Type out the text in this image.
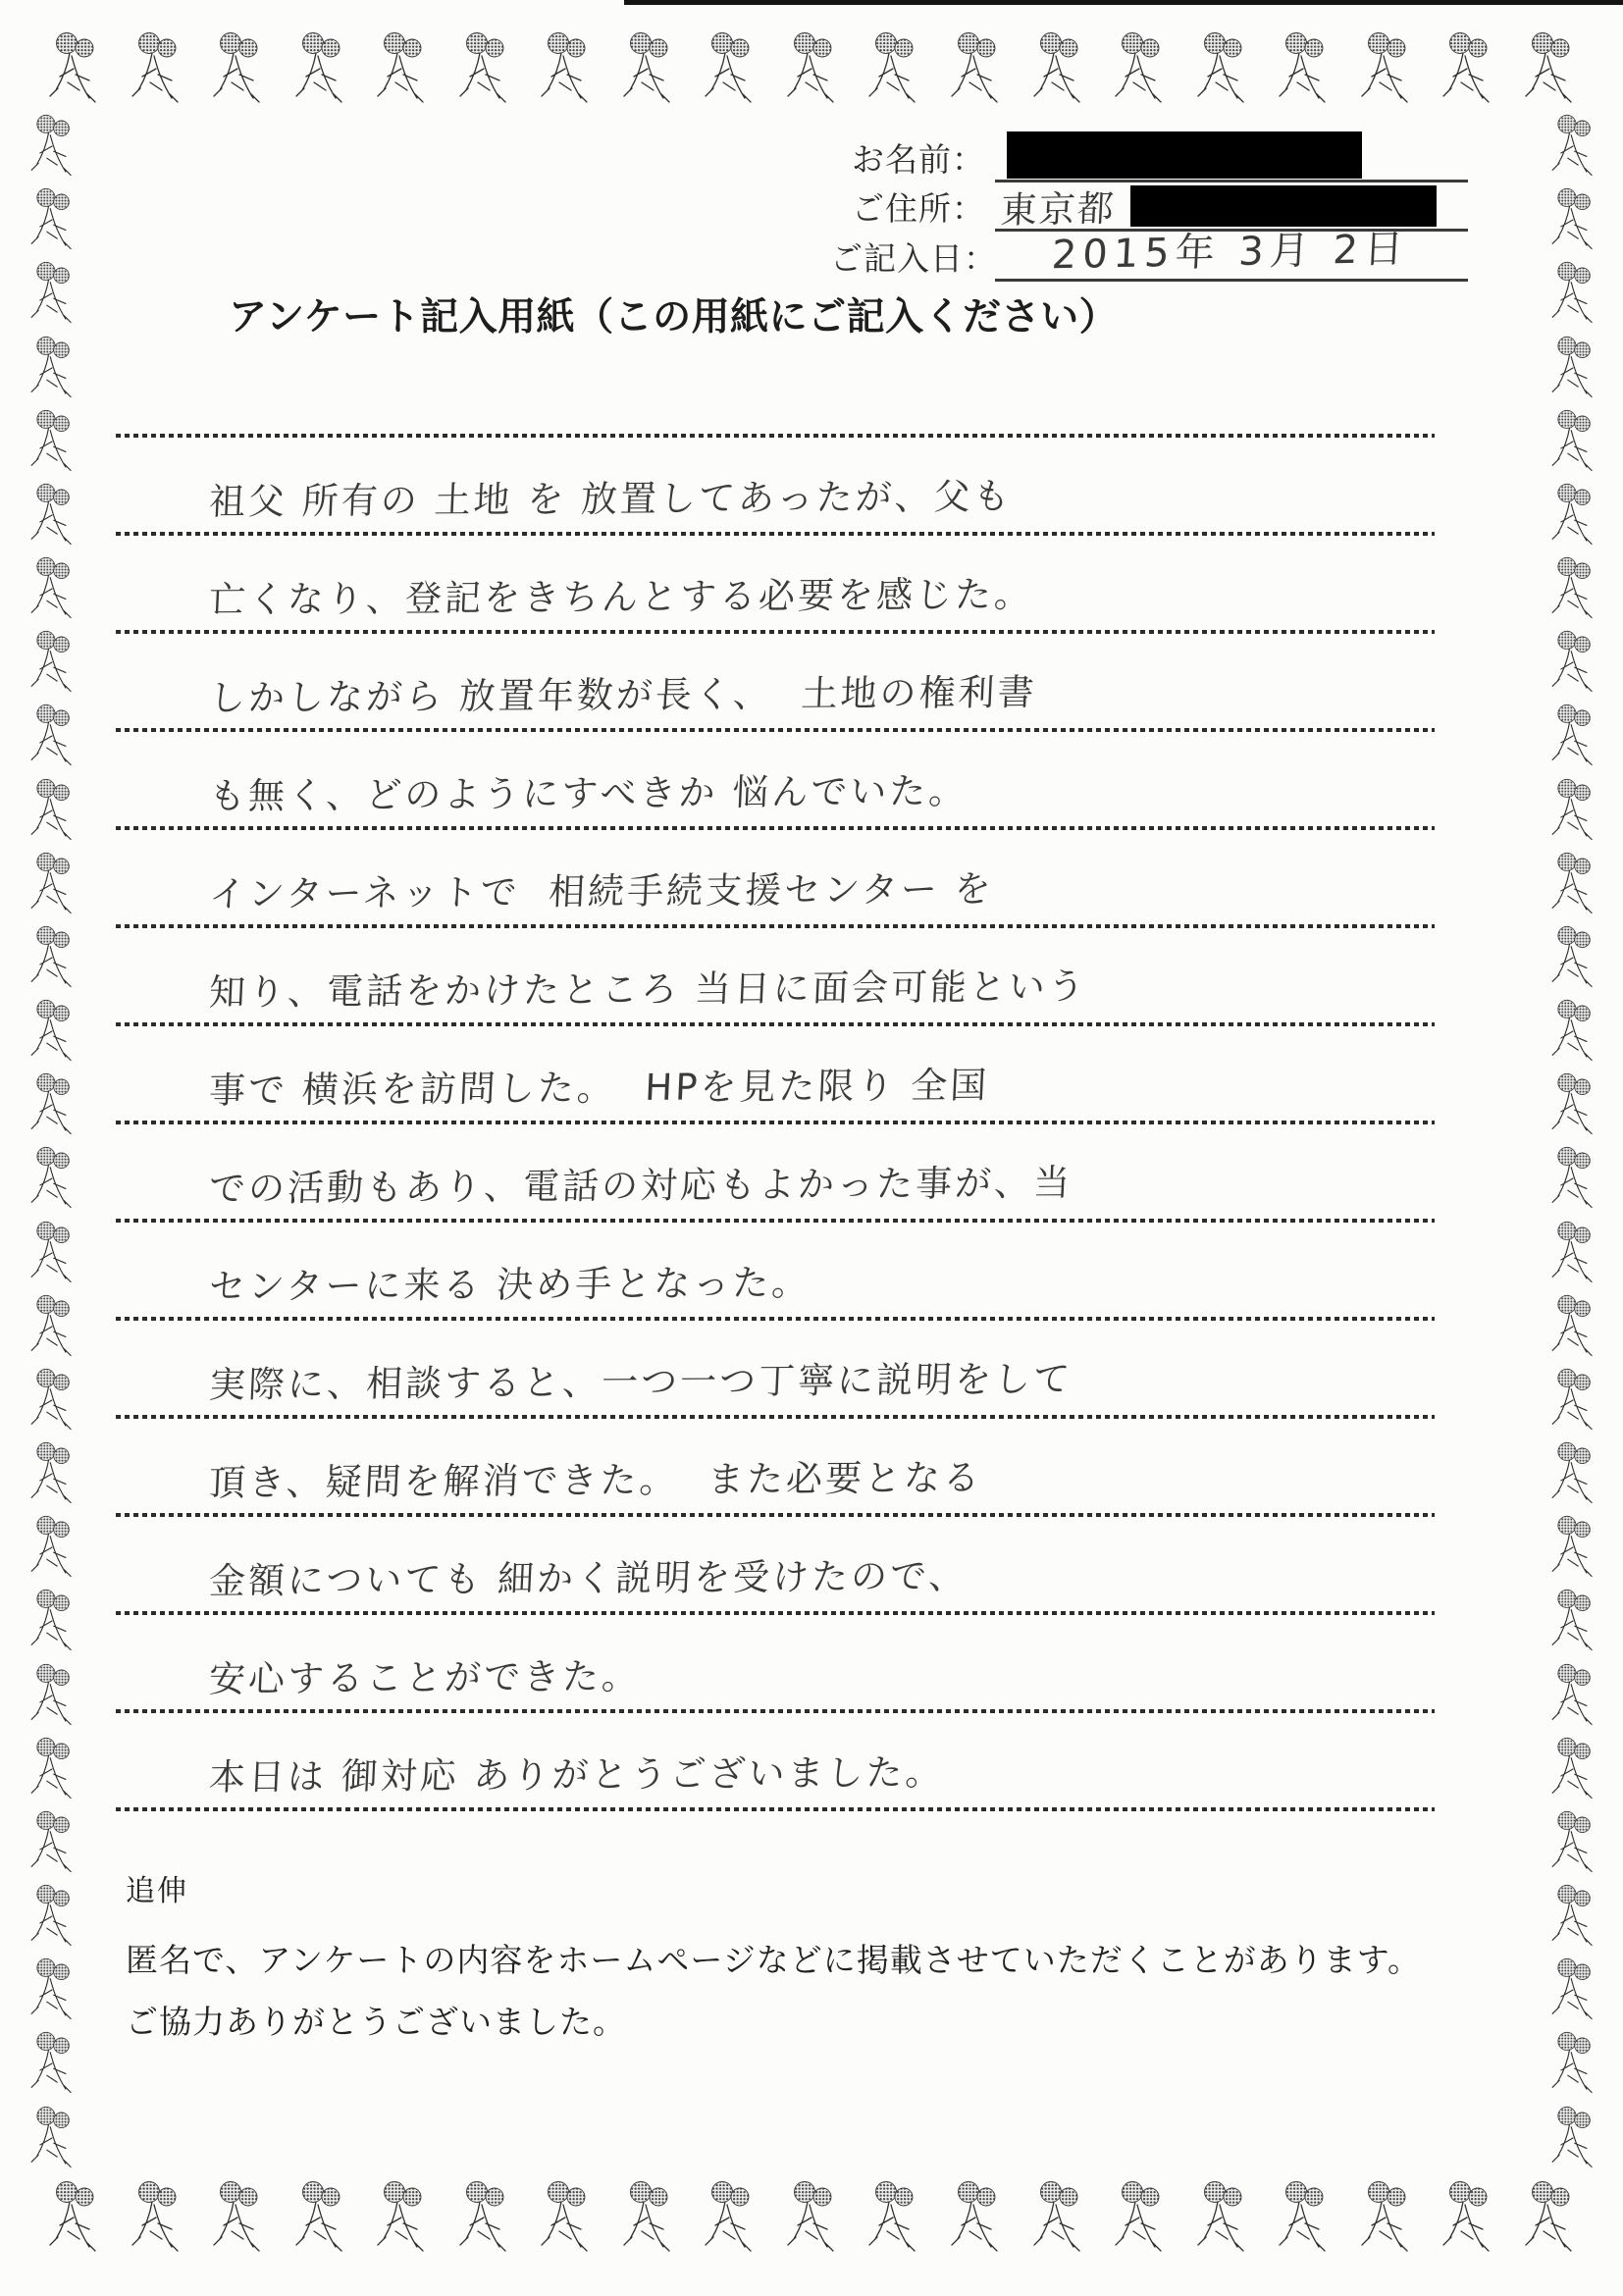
お名前：
ご住所： 東京都
ご記入日： 2015年 3月 2日
アンケート記入用紙（この用紙にご記入ください）
祖父 所有の 土地 を 放置してあったが、父も
亡くなり、登記をきちんとする必要を感じた。
しかしながら 放置年数が長く、  土地の権利書
も無く、どのようにすべきか 悩んでいた。
インターネットで  相続手続支援センター を
知り、電話をかけたところ 当日に面会可能という
事で 横浜を訪問した。  HPを見た限り 全国
での活動もあり、電話の対応もよかった事が、当
センターに来る 決め手となった。
実際に、相談すると、一つ一つ丁寧に説明をして
頂き、疑問を解消できた。  また必要となる
金額についても 細かく説明を受けたので、
安心することができた。
本日は 御対応 ありがとうございました。
追伸
匿名で、アンケートの内容をホームページなどに掲載させていただくことがあります。
ご協力ありがとうございました。
